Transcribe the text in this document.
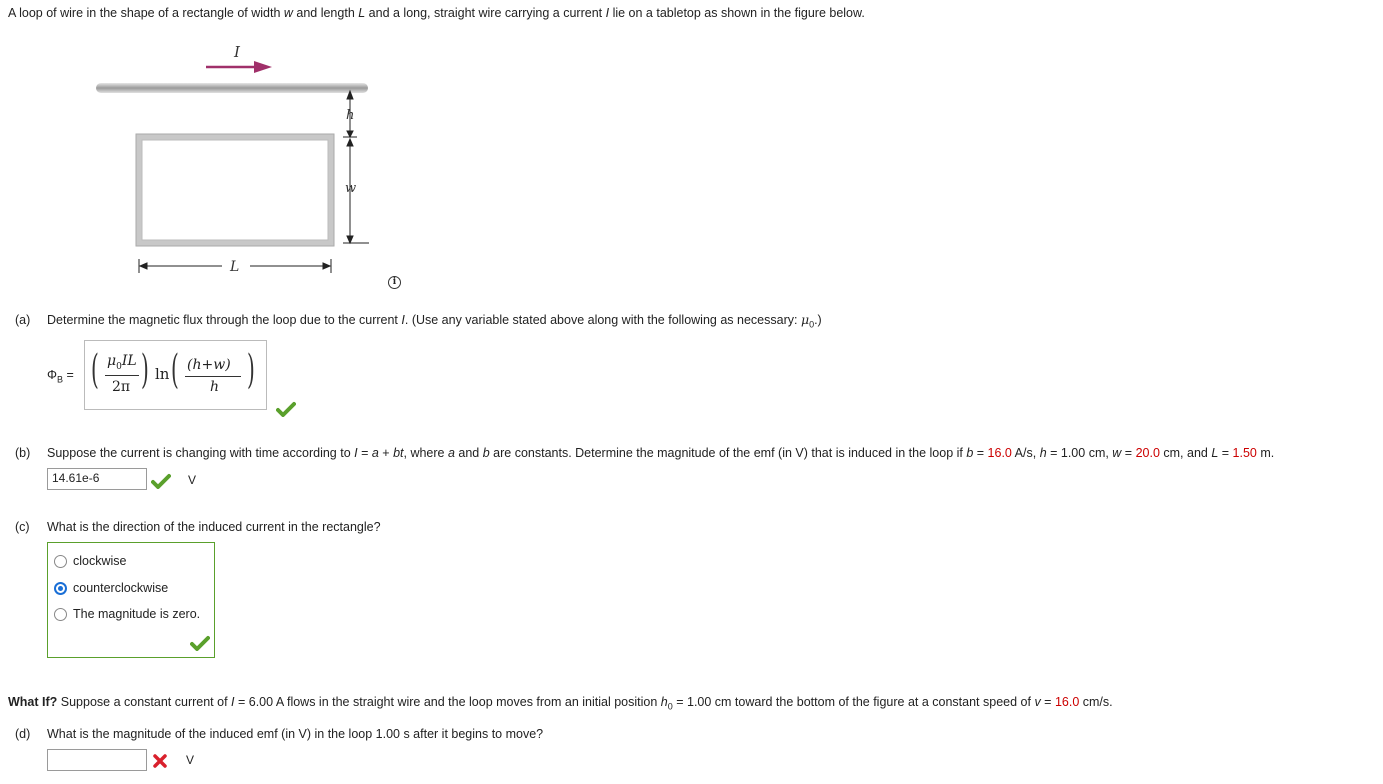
A loop of wire in the shape of a rectangle of width w and length L and a long, straight wire carrying a current I lie on a tabletop as shown in the figure below.
I
h
w
L
i
(a) Determine the magnetic flux through the loop due to the current I. (Use any variable stated above along with the following as necessary: $\mu_0$.)
$\Phi_B$ = ( $\mu_0IL$
2π ) ln ( (h+w)
h )
(b) Suppose the current is changing with time according to I = a + bt, where a and b are constants. Determine the magnitude of the emf (in V) that is induced in the loop if b = 16.0 A/s, h = 1.00 cm, w = 20.0 cm, and L = 1.50 m.
14.61e-6	V
(c) What is the direction of the induced current in the rectangle?
clockwise
counterclockwise
The magnitude is zero.
What If? Suppose a constant current of I = 6.00 A flows in the straight wire and the loop moves from an initial position $h_0 = 1.00$ cm toward the bottom of the figure at a constant speed of v = 16.0 cm/s.
(d) What is the magnitude of the induced emf (in V) in the loop 1.00 s after it begins to move?
V
